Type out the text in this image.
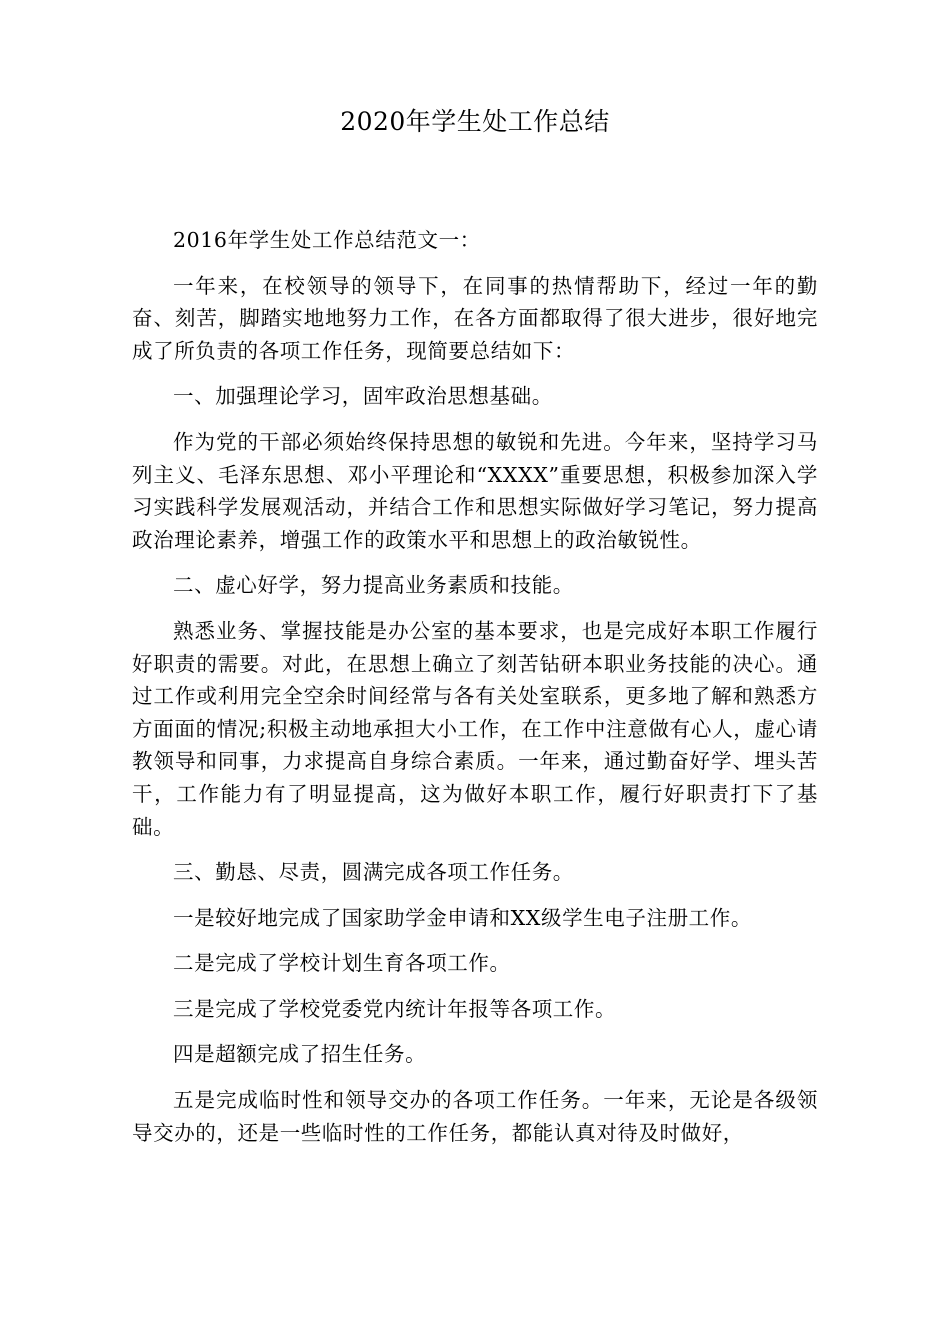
2020年学生处工作总结

2016年学生处工作总结范文一：

一年来，在校领导的领导下，在同事的热情帮助下，经过一年的勤奋、刻苦，脚踏实地地努力工作，在各方面都取得了很大进步，很好地完成了所负责的各项工作任务，现简要总结如下：

一、加强理论学习，固牢政治思想基础。

作为党的干部必须始终保持思想的敏锐和先进。今年来，坚持学习马列主义、毛泽东思想、邓小平理论和“XXXX”重要思想，积极参加深入学习实践科学发展观活动，并结合工作和思想实际做好学习笔记，努力提高政治理论素养，增强工作的政策水平和思想上的政治敏锐性。

二、虚心好学，努力提高业务素质和技能。

熟悉业务、掌握技能是办公室的基本要求，也是完成好本职工作履行好职责的需要。对此，在思想上确立了刻苦钻研本职业务技能的决心。通过工作或利用完全空余时间经常与各有关处室联系，更多地了解和熟悉方方面面的情况;积极主动地承担大小工作，在工作中注意做有心人，虚心请教领导和同事，力求提高自身综合素质。一年来，通过勤奋好学、埋头苦干，工作能力有了明显提高，这为做好本职工作，履行好职责打下了基础。

三、勤恳、尽责，圆满完成各项工作任务。

一是较好地完成了国家助学金申请和XX级学生电子注册工作。

二是完成了学校计划生育各项工作。

三是完成了学校党委党内统计年报等各项工作。

四是超额完成了招生任务。

五是完成临时性和领导交办的各项工作任务。一年来，无论是各级领导交办的，还是一些临时性的工作任务，都能认真对待及时做好，
